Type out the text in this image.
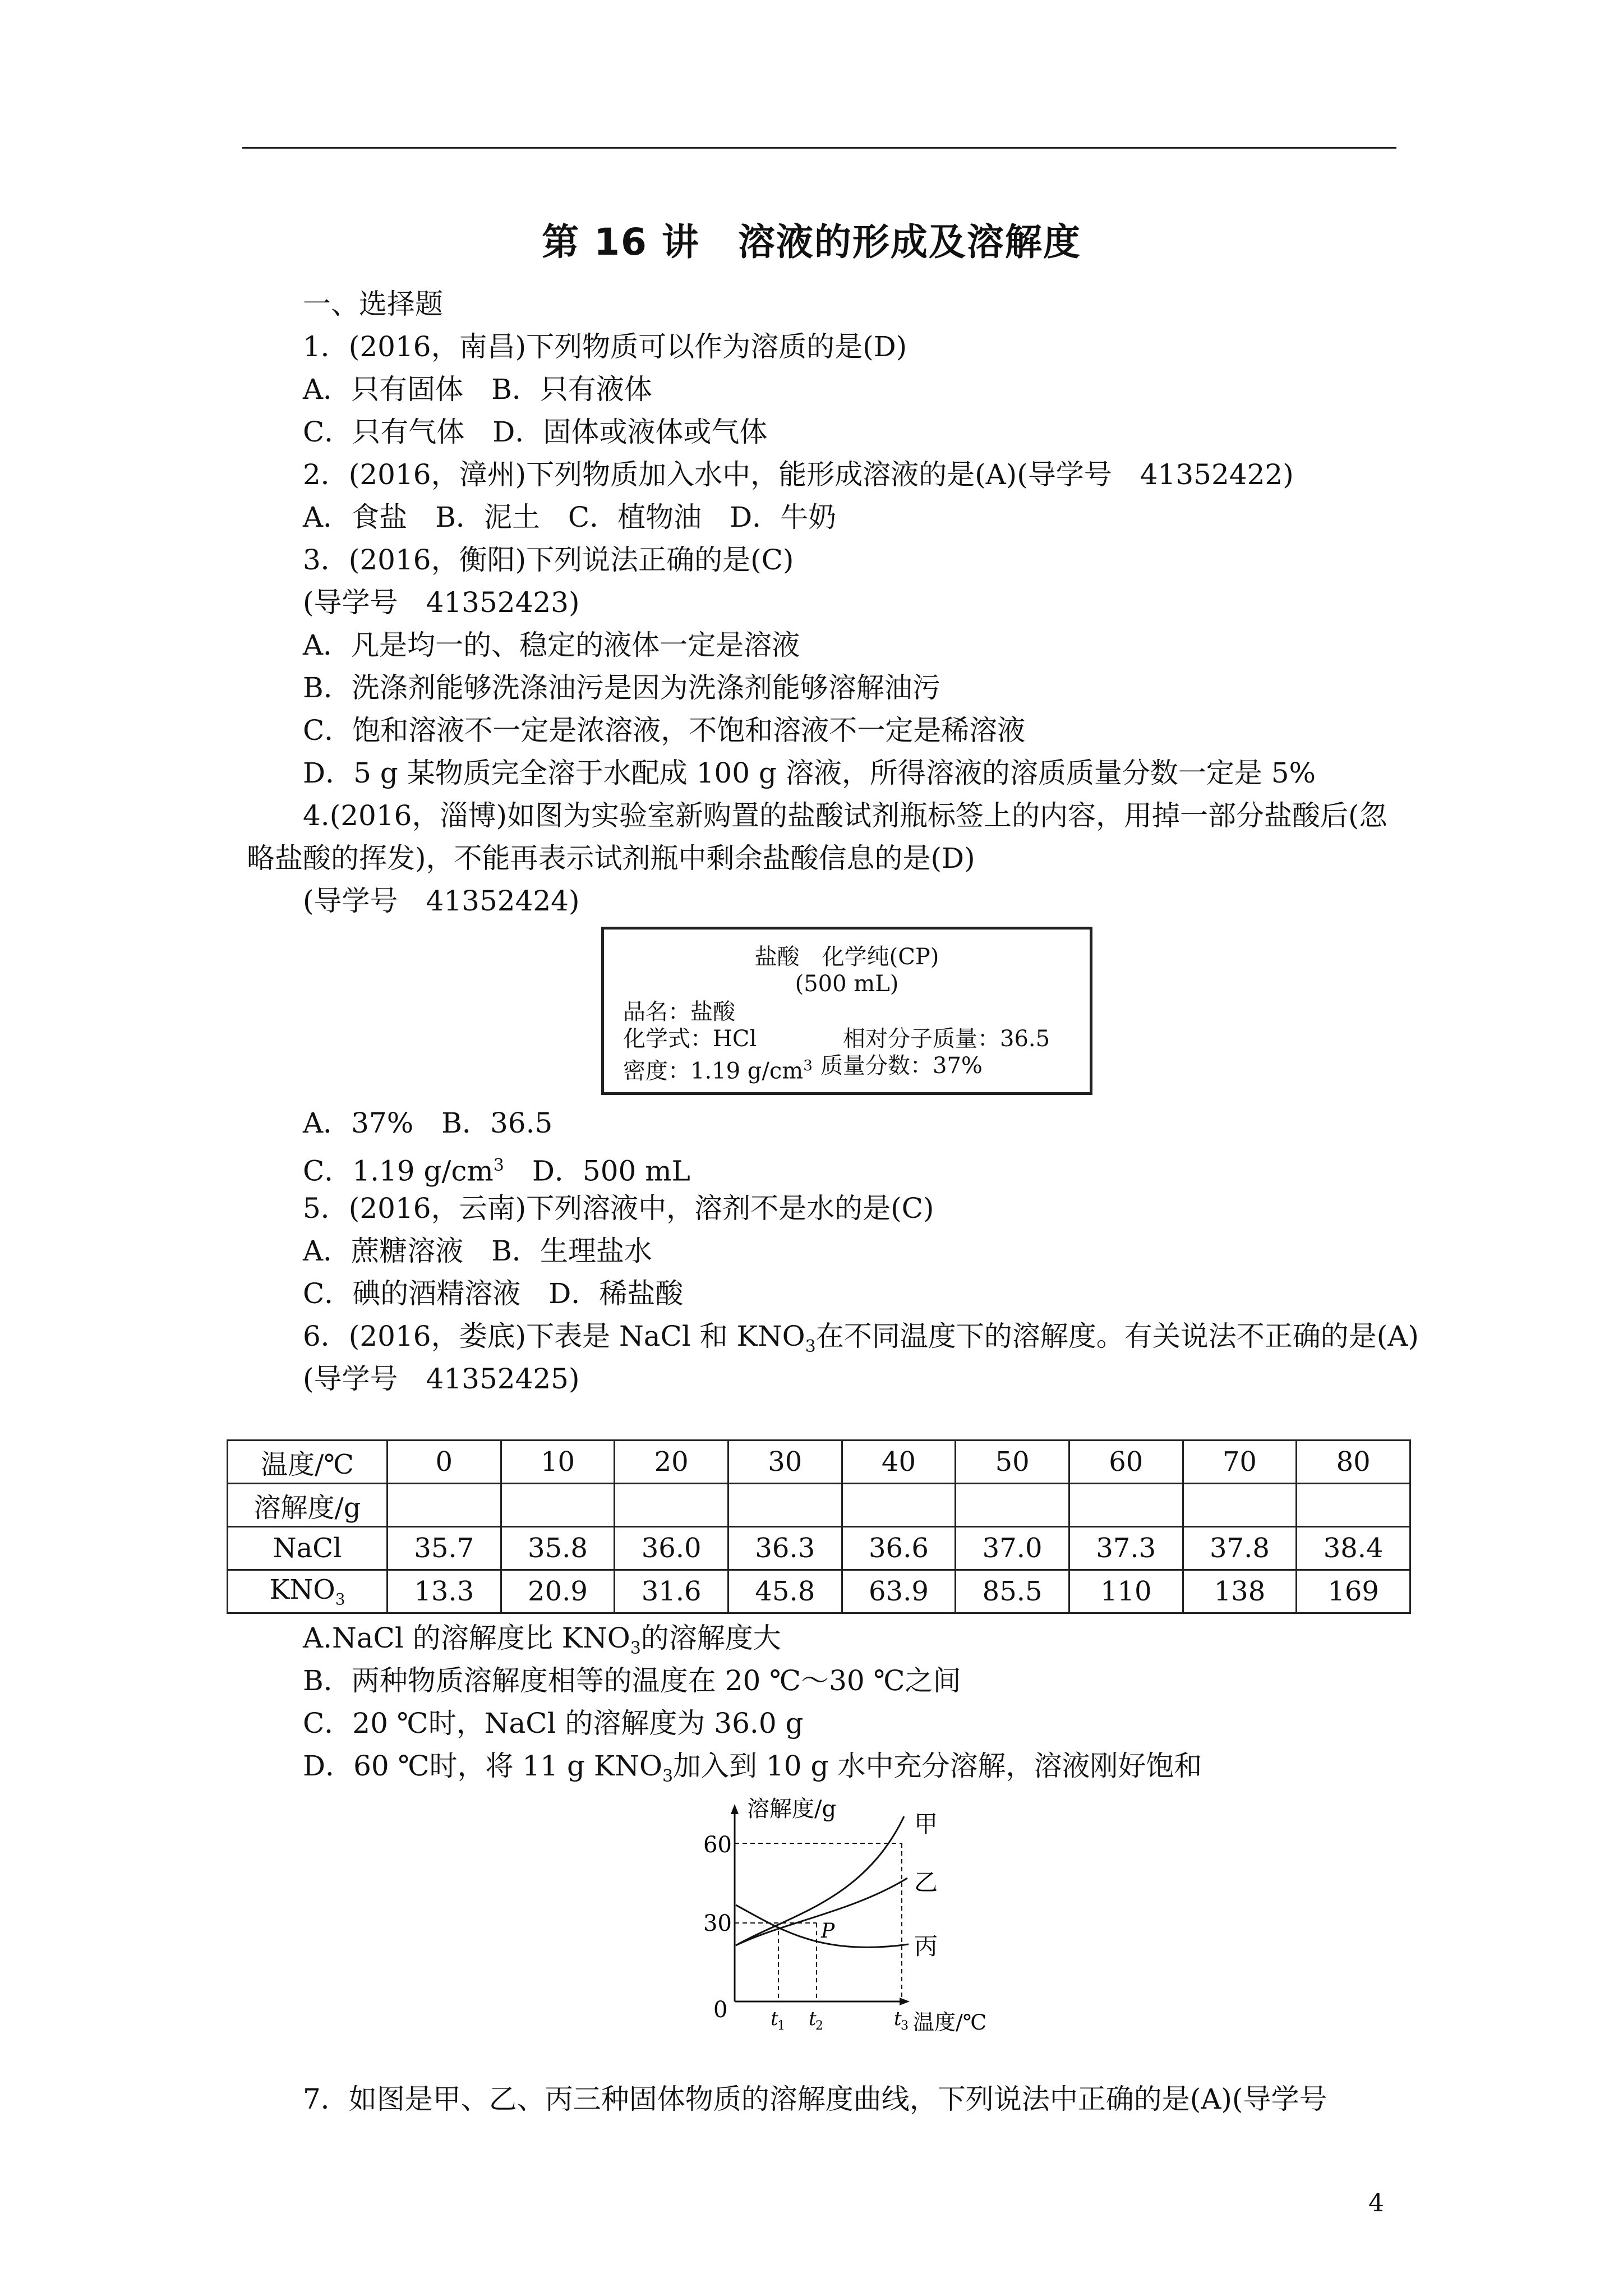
第 16 讲　溶液的形成及溶解度
一、选择题
1．(2016，南昌)下列物质可以作为溶质的是(D)
A．只有固体　B．只有液体
C．只有气体　D．固体或液体或气体
2．(2016，漳州)下列物质加入水中，能形成溶液的是(A)(导学号　41352422)
A．食盐　B．泥土　C．植物油　D．牛奶
3．(2016，衡阳)下列说法正确的是(C)
(导学号　41352423)
A．凡是均一的、稳定的液体一定是溶液
B．洗涤剂能够洗涤油污是因为洗涤剂能够溶解油污
C．饱和溶液不一定是浓溶液，不饱和溶液不一定是稀溶液
D．5 g 某物质完全溶于水配成 100 g 溶液，所得溶液的溶质质量分数一定是 5%
4.(2016，淄博)如图为实验室新购置的盐酸试剂瓶标签上的内容，用掉一部分盐酸后(忽
略盐酸的挥发)，不能再表示试剂瓶中剩余盐酸信息的是(D)
(导学号　41352424)
盐酸　化学纯(CP)
(500 mL)
品名：盐酸
化学式：HCl	相对分子质量：36.5
密度：1.19 $g/cm^3$ 质量分数：37%
A．37%　B．36.5
C．1.19 $g/cm^3$　D．500 mL
5．(2016，云南)下列溶液中，溶剂不是水的是(C)
A．蔗糖溶液　B．生理盐水
C．碘的酒精溶液　D．稀盐酸
6．(2016，娄底)下表是 NaCl 和 $KNO_3$在不同温度下的溶解度。有关说法不正确的是(A)
(导学号　41352425)
温度/℃	0	10	20	30	40	50	60	70	80
溶解度/g									
NaCl	35.7	35.8	36.0	36.3	36.6	37.0	37.3	37.8	38.4
$KNO_3$	13.3	20.9	31.6	45.8	63.9	85.5	110	138	169
A.NaCl 的溶解度比 $KNO_3$的溶解度大
B．两种物质溶解度相等的温度在 20 ℃～30 ℃之间
C．20 ℃时，NaCl 的溶解度为 36.0 g
D．60 ℃时，将 11 g $KNO_3$加入到 10 g 水中充分溶解，溶液刚好饱和
溶解度/g
60
30
0
甲
乙
丙
P
t
1 t
2	t
3 温度/℃
7．如图是甲、乙、丙三种固体物质的溶解度曲线，下列说法中正确的是(A)(导学号
4
